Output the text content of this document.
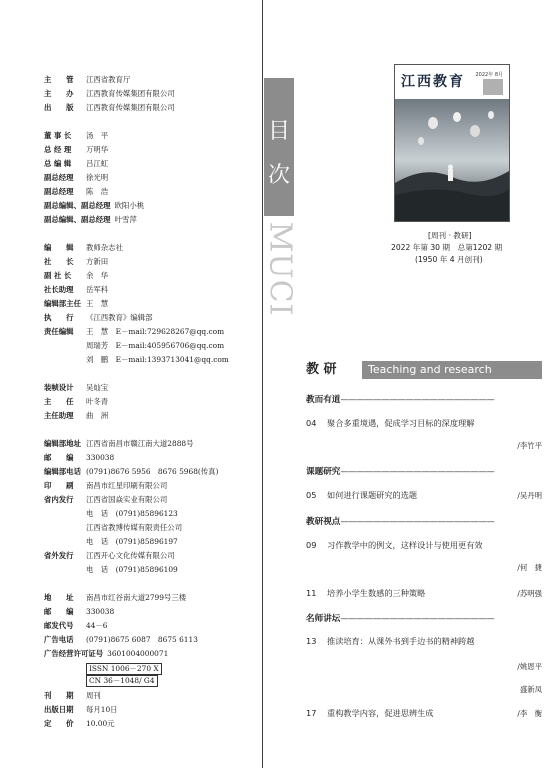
主　　管 江西省教育厅
主　　办 江西教育传媒集团有限公司
出　　版 江西教育传媒集团有限公司
董 事 长 汤　平
总 经 理 万明华
总 编 辑 吕江虹
副总经理 徐光明
副总经理 陈　浩
副总编辑、副总经理 欧阳小桃
副总编辑、副总经理 叶雪萍
编　　辑 教师杂志社
社　　长 方新田
副 社 长 余　华
社长助理 岳军科
编辑部主任 王　慧
执　　行 《江西教育》编辑部
责任编辑 王　慧　E－mail:729628267@qq.com
周瑞芳　E－mail:405956706@qq.com
刘　鹏　E－mail:1393713041@qq.com
装帧设计 吴灿宝
主　　任 叶冬青
主任助理 曲　洲
编辑部地址 江西省南昌市赣江南大道2888号
邮　　编 330038
编辑部电话 (0791)8676 5956　8676 5968(传真)
印　　刷 南昌市红星印刷有限公司
省内发行 江西省国焱实业有限公司
电　话　(0791)85896123
江西省教博传媒有限责任公司
电　话　(0791)85896197
省外发行 江西开心文化传媒有限公司
电　话　(0791)85896109
地　　址 南昌市红谷南大道2799号三楼
邮　　编 330038
邮发代号 44－6
广告电话 (0791)8675 6087　8675 6113
广告经营许可证号 3601004000071
ISSN 1006－270 X
CN 36－1048/ G4
刊　　期 周刊
出版日期 每月10日
定　　价 10.00元
目
次
MUCI
江西教育 2022年 8月
[周刊 · 教研]
2022 年第 30 期　总第1202 期
(1950 年 4 月创刊)
教 研	Teaching and research
教而有道———————————————————
04 聚合多重境遇，促成学习目标的深度理解
/李竹平
课题研究———————————————————
05 如何进行课题研究的选题	/吴丹明
教研视点———————————————————
09 习作教学中的例文，这样设计与使用更有效
/何　捷
11 培养小学生数感的三种策略	/苏明强
名师讲坛———————————————————
13 推读培育：从课外书到手边书的精神跨越
/姚恩平
盛新凤
17 重构教学内容，促进思辨生成	/李　衡
